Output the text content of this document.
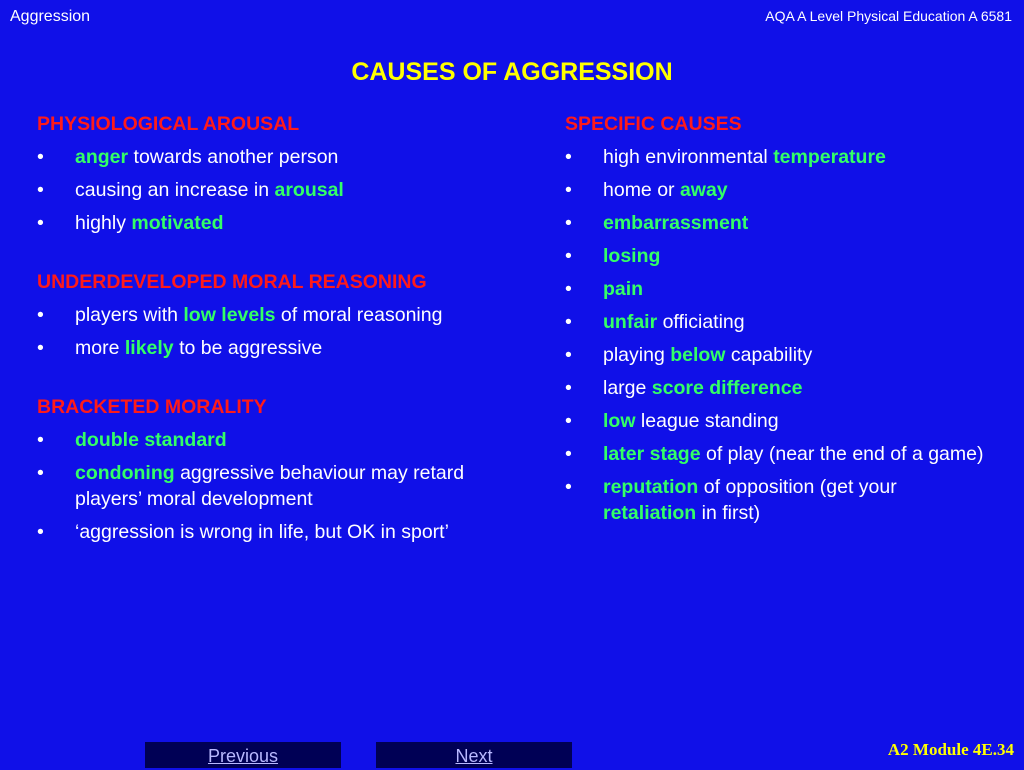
Aggression	AQA A Level Physical Education A 6581
CAUSES OF AGGRESSION
PHYSIOLOGICAL AROUSAL
• anger towards another person
• causing an increase in arousal
• highly motivated
UNDERDEVELOPED MORAL REASONING
• players with low levels of moral reasoning
• more likely to be aggressive
BRACKETED MORALITY
• double standard
• condoning aggressive behaviour may retard players’ moral development
• ‘aggression is wrong in life, but OK in sport’
SPECIFIC CAUSES
• high environmental temperature
• home or away
• embarrassment
• losing
• pain
• unfair officiating
• playing below capability
• large score difference
• low league standing
• later stage of play (near the end of a game)
• reputation of opposition (get your retaliation in first)
Previous	Next	A2 Module 4E.34
